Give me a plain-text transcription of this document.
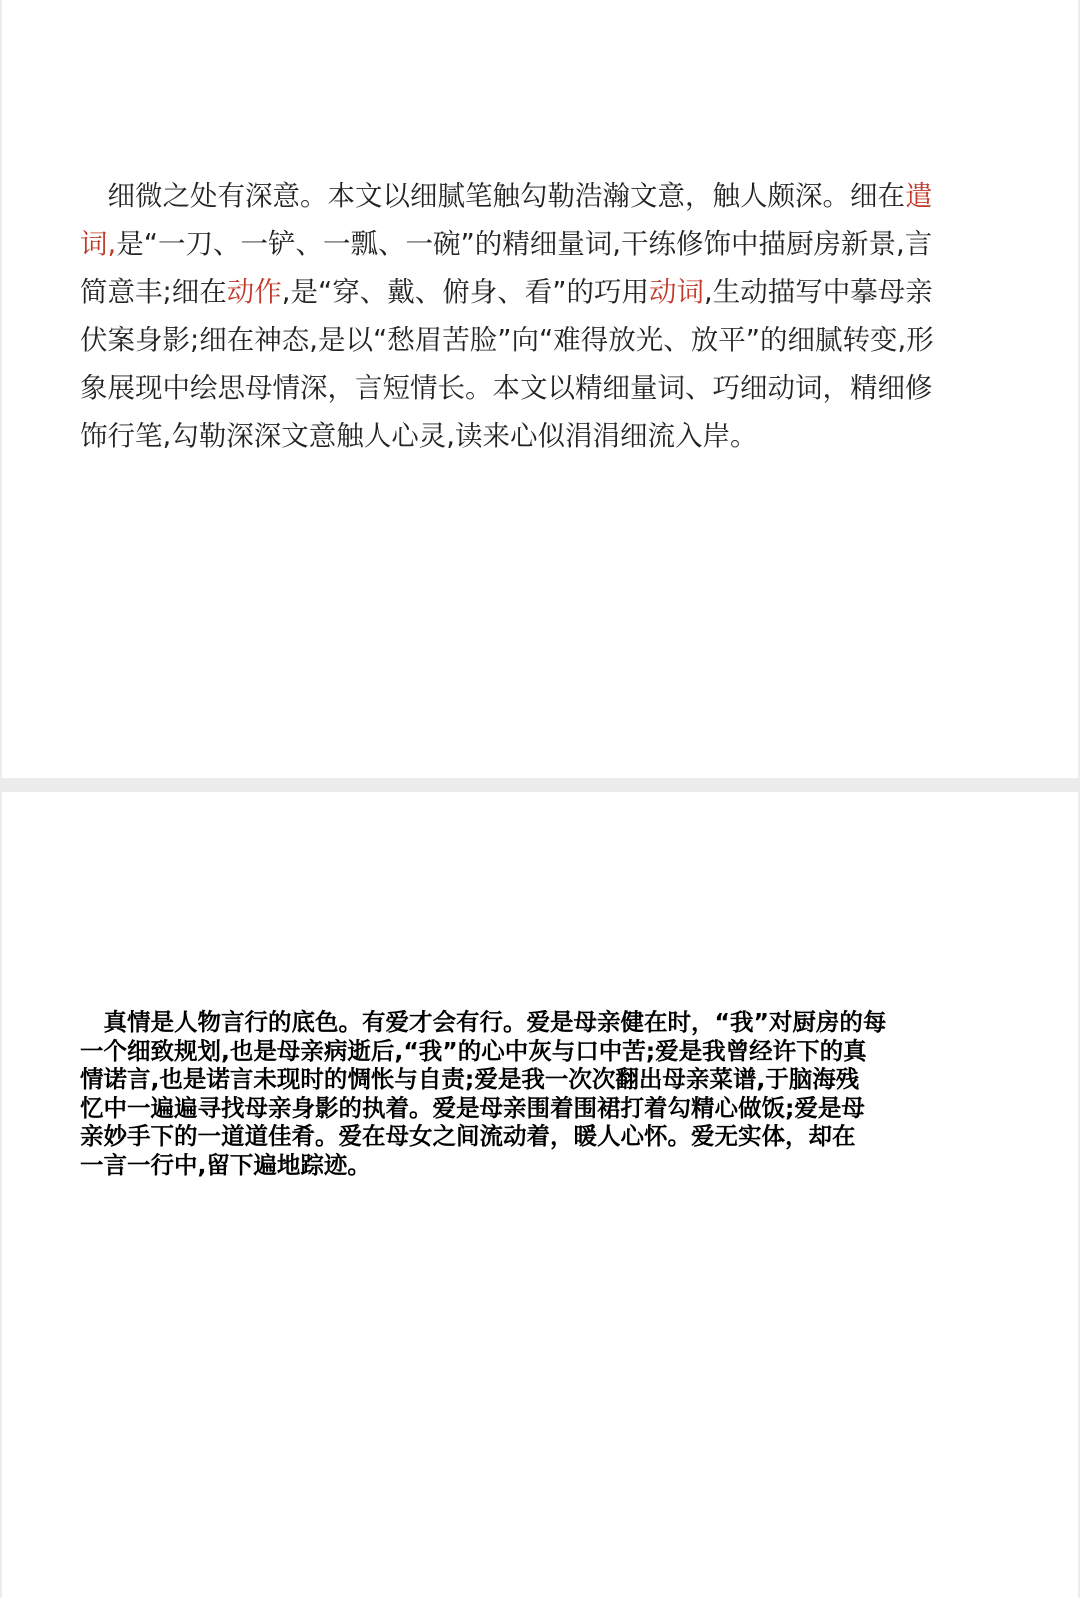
　细微之处有深意。本文以细腻笔触勾勒浩瀚文意，触人颇深。细在遣
词,是“一刀、一铲、一瓢、一碗”的精细量词,干练修饰中描厨房新景,言
简意丰;细在动作,是“穿、戴、俯身、看”的巧用动词,生动描写中摹母亲
伏案身影;细在神态,是以“愁眉苦脸”向“难得放光、放平”的细腻转变,形
象展现中绘思母情深，言短情长。本文以精细量词、巧细动词，精细修
饰行笔,勾勒深深文意触人心灵,读来心似涓涓细流入岸。
　真情是人物言行的底色。有爱才会有行。爱是母亲健在时，“我”对厨房的每
一个细致规划,也是母亲病逝后,“我”的心中灰与口中苦;爱是我曾经许下的真
情诺言,也是诺言未现时的惆怅与自责;爱是我一次次翻出母亲菜谱,于脑海残
忆中一遍遍寻找母亲身影的执着。爱是母亲围着围裙打着勾精心做饭;爱是母
亲妙手下的一道道佳肴。爱在母女之间流动着，暖人心怀。爱无实体，却在
一言一行中,留下遍地踪迹。
